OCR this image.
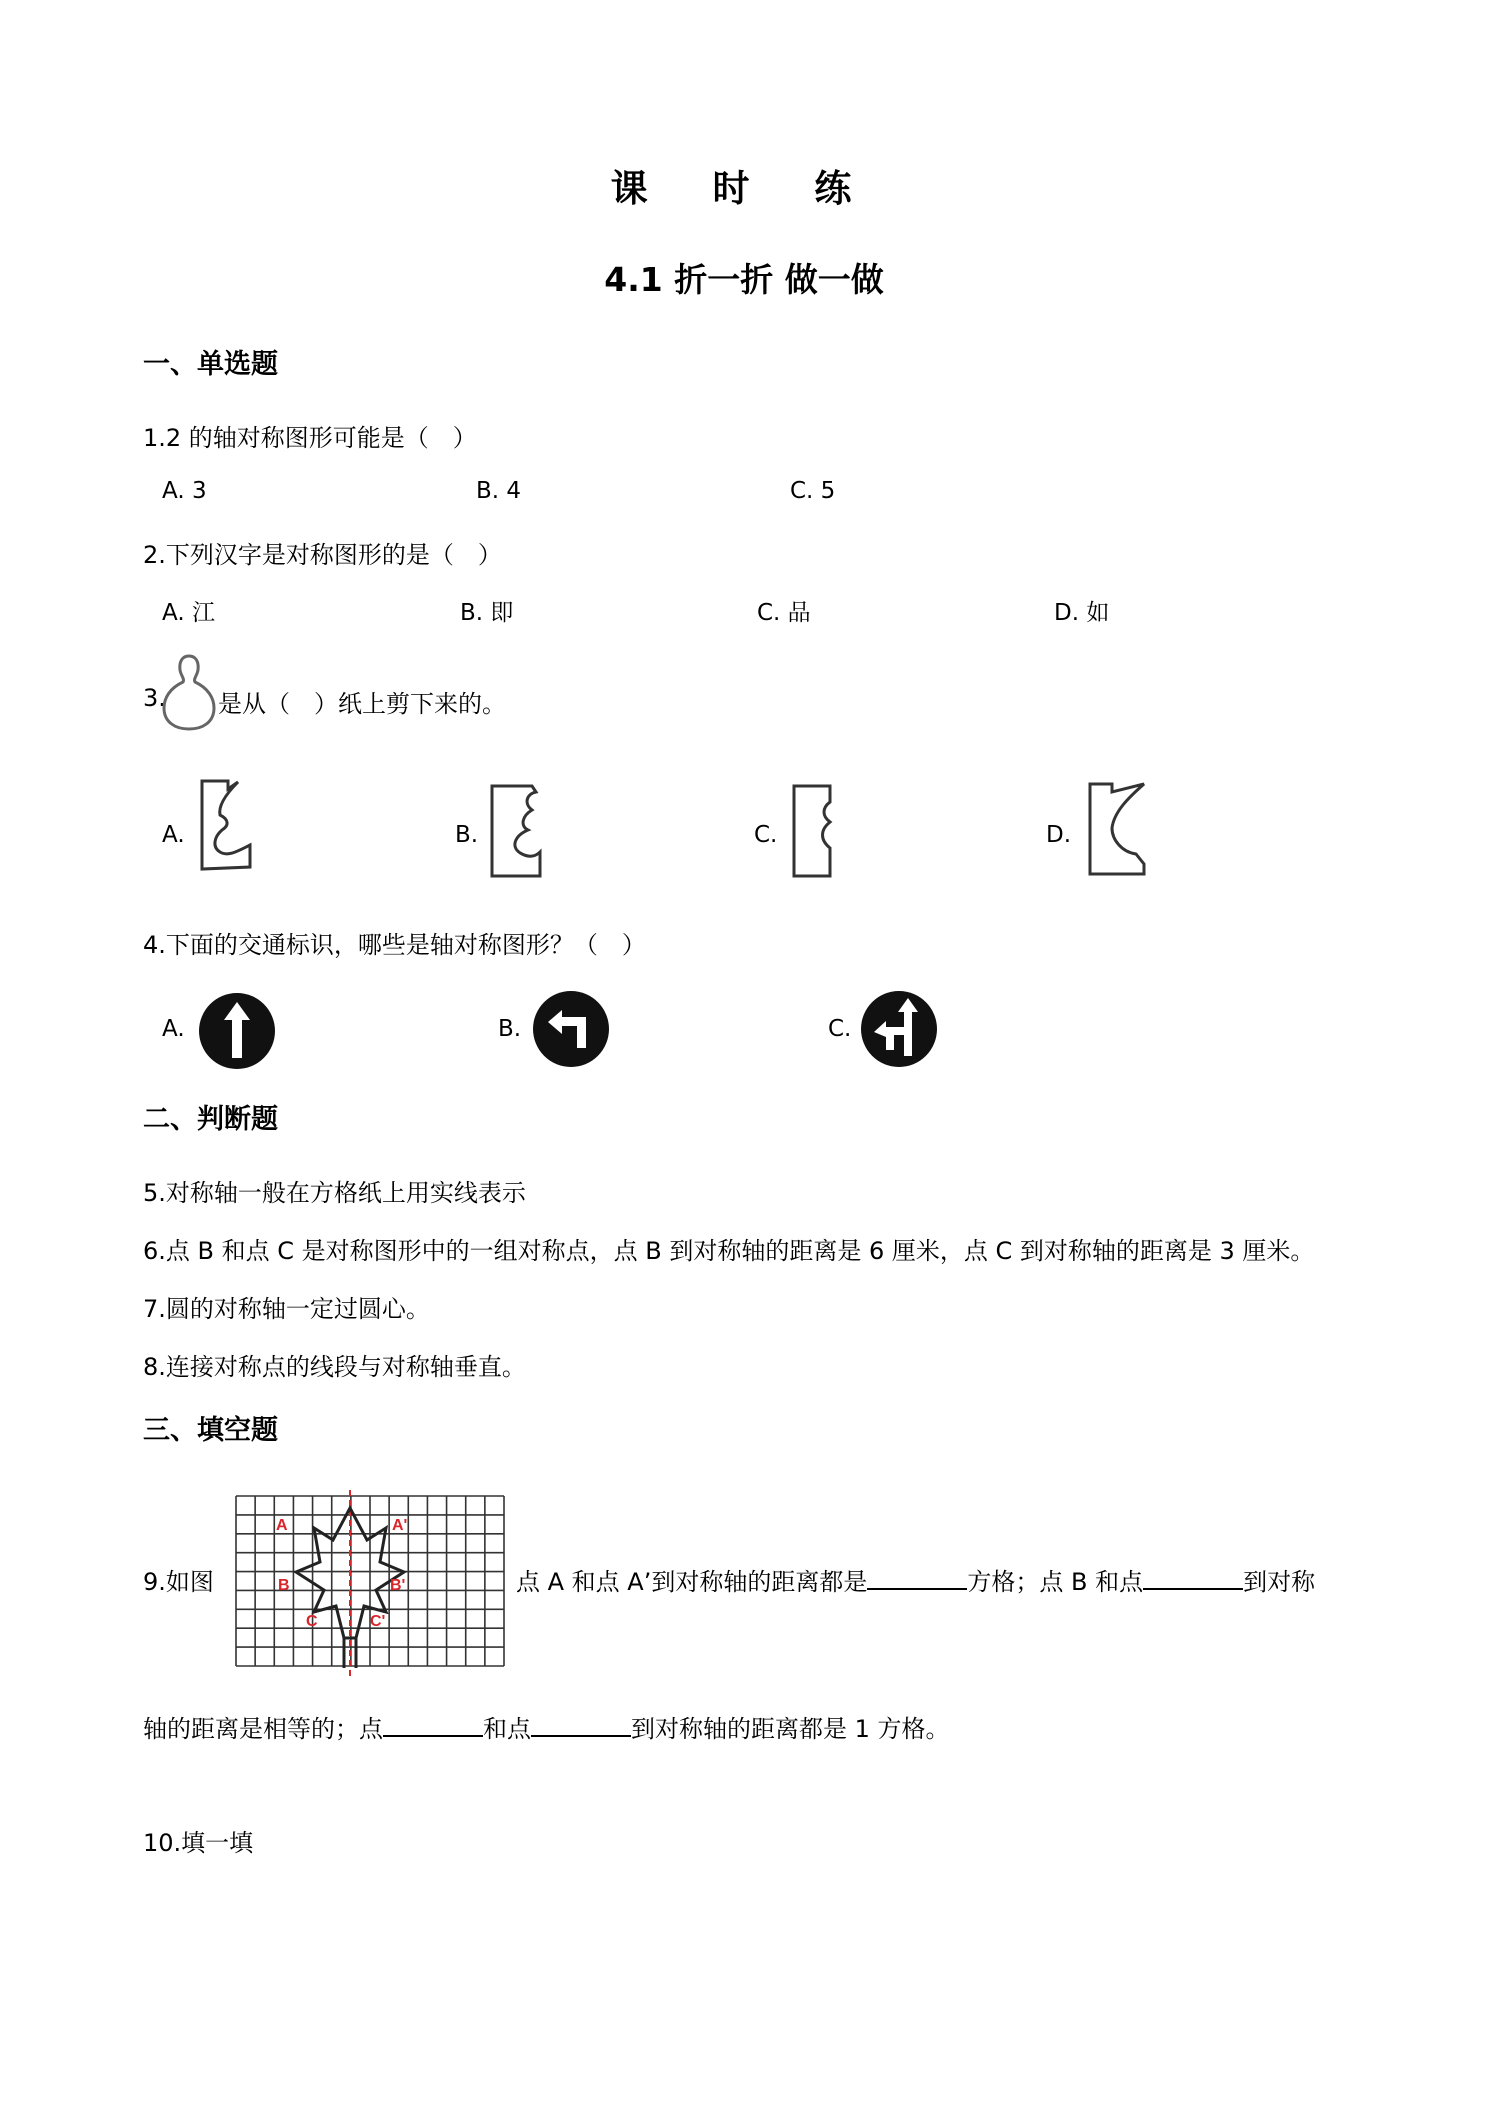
课 时 练
4.1 折一折 做一做
一、单选题
1.2 的轴对称图形可能是（　）
A. 3	B. 4	C. 5
2.下列汉字是对称图形的是（　）
A. 江	B. 即	C. 品	D. 如
3. 是从（　）纸上剪下来的。
A.	B.	C.	D.
4.下面的交通标识，哪些是轴对称图形？（　）
A.	B.	C.
二、判断题
5.对称轴一般在方格纸上用实线表示
6.点 B 和点 C 是对称图形中的一组对称点，点 B 到对称轴的距离是 6 厘米，点 C 到对称轴的距离是 3 厘米。
7.圆的对称轴一定过圆心。
8.连接对称点的线段与对称轴垂直。
三、填空题
9.如图
A	A'
B	B'
C	C'
点 A 和点 A’到对称轴的距离都是	方格；点 B 和点	到对称
轴的距离是相等的；点	和点	到对称轴的距离都是 1 方格。
10.填一填
